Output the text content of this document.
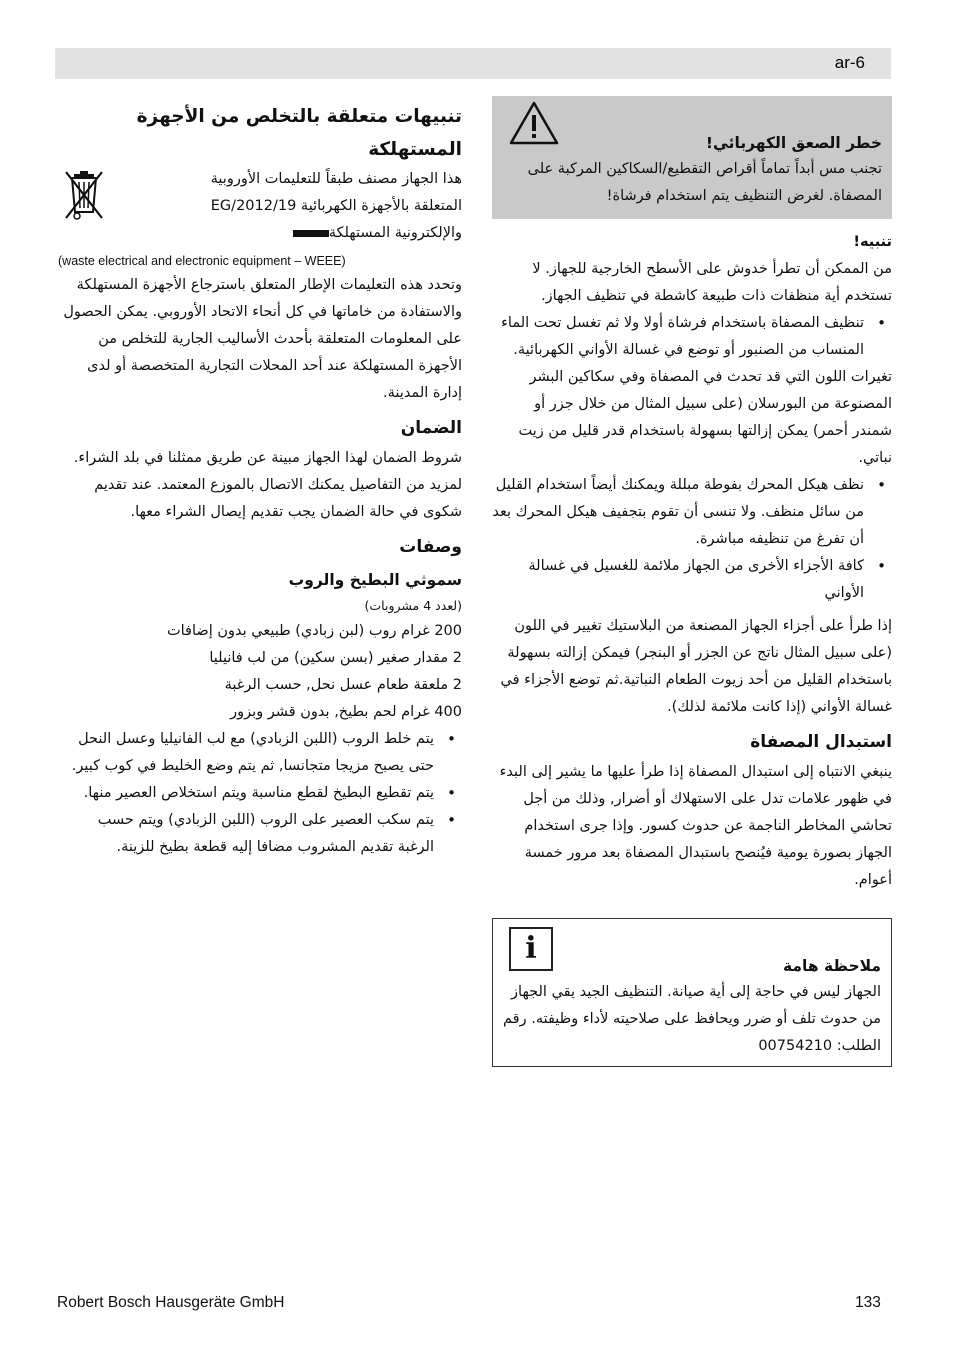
ar-6
تنبيهات متعلقة بالتخلص من الأجهزة المستهلكة

هذا الجهاز مصنف طبقاً للتعليمات الأوروبية

المتعلقة بالأجهزة الكهربائية 2012/19/EG

والإلكترونية المستهلكة

(waste electrical and electronic equipment – WEEE)

وتحدد هذه التعليمات الإطار المتعلق باسترجاع الأجهزة المستهلكة والاستفادة من خاماتها في كل أنحاء الاتحاد الأوروبي. يمكن الحصول على المعلومات المتعلقة بأحدث الأساليب الجارية للتخلص من الأجهزة المستهلكة عند أحد المحلات التجارية المتخصصة أو لدى إدارة المدينة.

الضمان

شروط الضمان لهذا الجهاز مبينة عن طريق ممثلنا في بلد الشراء. لمزيد من التفاصيل يمكنك الاتصال بالموزع المعتمد. عند تقديم شكوى في حالة الضمان يجب تقديم إيصال الشراء معها.

وصفات
سموثي البطيخ والروب

(لعدد 4 مشروبات)

200 غرام روب (لبن زبادي) طبيعي بدون إضافات

2 مقدار صغير (بسن سكين) من لب فانيليا

2 ملعقة طعام عسل نحل, حسب الرغبة

400 غرام لحم بطيخ, بدون قشر وبزور

• يتم خلط الروب (اللبن الزبادي) مع لب الفانيليا وعسل النحل حتى يصبح مزيجا متجانسا, ثم يتم وضع الخليط في كوب كبير.
• يتم تقطيع البطيخ لقطع مناسبة ويتم استخلاص العصير منها.
• يتم سكب العصير على الروب (اللبن الزبادي) ويتم حسب الرغبة تقديم المشروب مضافا إليه قطعة بطيخ للزينة.

خطر الصعق الكهربائي!

تجنب مس أبداً تماماً أقراص التقطيع/السكاكين المركبة على المصفاة. لغرض التنظيف يتم استخدام فرشاة!

تنبيه!

من الممكن أن تطرأ خدوش على الأسطح الخارجية للجهاز. لا تستخدم أية منظفات ذات طبيعة كاشطة في تنظيف الجهاز.

• تنظيف المصفاة باستخدام فرشاة أولا ولا ثم تغسل تحت الماء المنساب من الصنبور أو توضع في غسالة الأواني الكهربائية.

تغيرات اللون التي قد تحدث في المصفاة وفي سكاكين البشر المصنوعة من البورسلان (على سبيل المثال من خلال جزر أو شمندر أحمر) يمكن إزالتها بسهولة باستخدام قدر قليل من زيت نباتي.

• نظف هيكل المحرك بفوطة مبللة ويمكنك أيضاً استخدام القليل من سائل منظف. ولا تنسى أن تقوم بتجفيف هيكل المحرك بعد أن تفرغ من تنظيفه مباشرة.
• كافة الأجزاء الأخرى من الجهاز ملائمة للغسيل في غسالة الأواني

إذا طرأ على أجزاء الجهاز المصنعة من البلاستيك تغيير في اللون (على سبيل المثال ناتج عن الجزر أو البنجر) فيمكن إزالته بسهولة باستخدام القليل من أحد زيوت الطعام النباتية.ثم توضع الأجزاء في غسالة الأواني (إذا كانت ملائمة لذلك).

استبدال المصفاة

ينبغي الانتباه إلى استبدال المصفاة إذا طرأ عليها ما يشير إلى البدء في ظهور علامات تدل على الاستهلاك أو أضرار, وذلك من أجل تحاشي المخاطر الناجمة عن حدوث كسور. وإذا جرى استخدام الجهاز بصورة يومية فيُنصح باستبدال المصفاة بعد مرور خمسة أعوام.

i	ملاحظة هامة

الجهاز ليس في حاجة إلى أية صيانة. التنظيف الجيد يقي الجهاز من حدوث تلف أو ضرر ويحافظ على صلاحيته لأداء وظيفته. رقم الطلب: 00754210

Robert Bosch Hausgeräte GmbH	133
